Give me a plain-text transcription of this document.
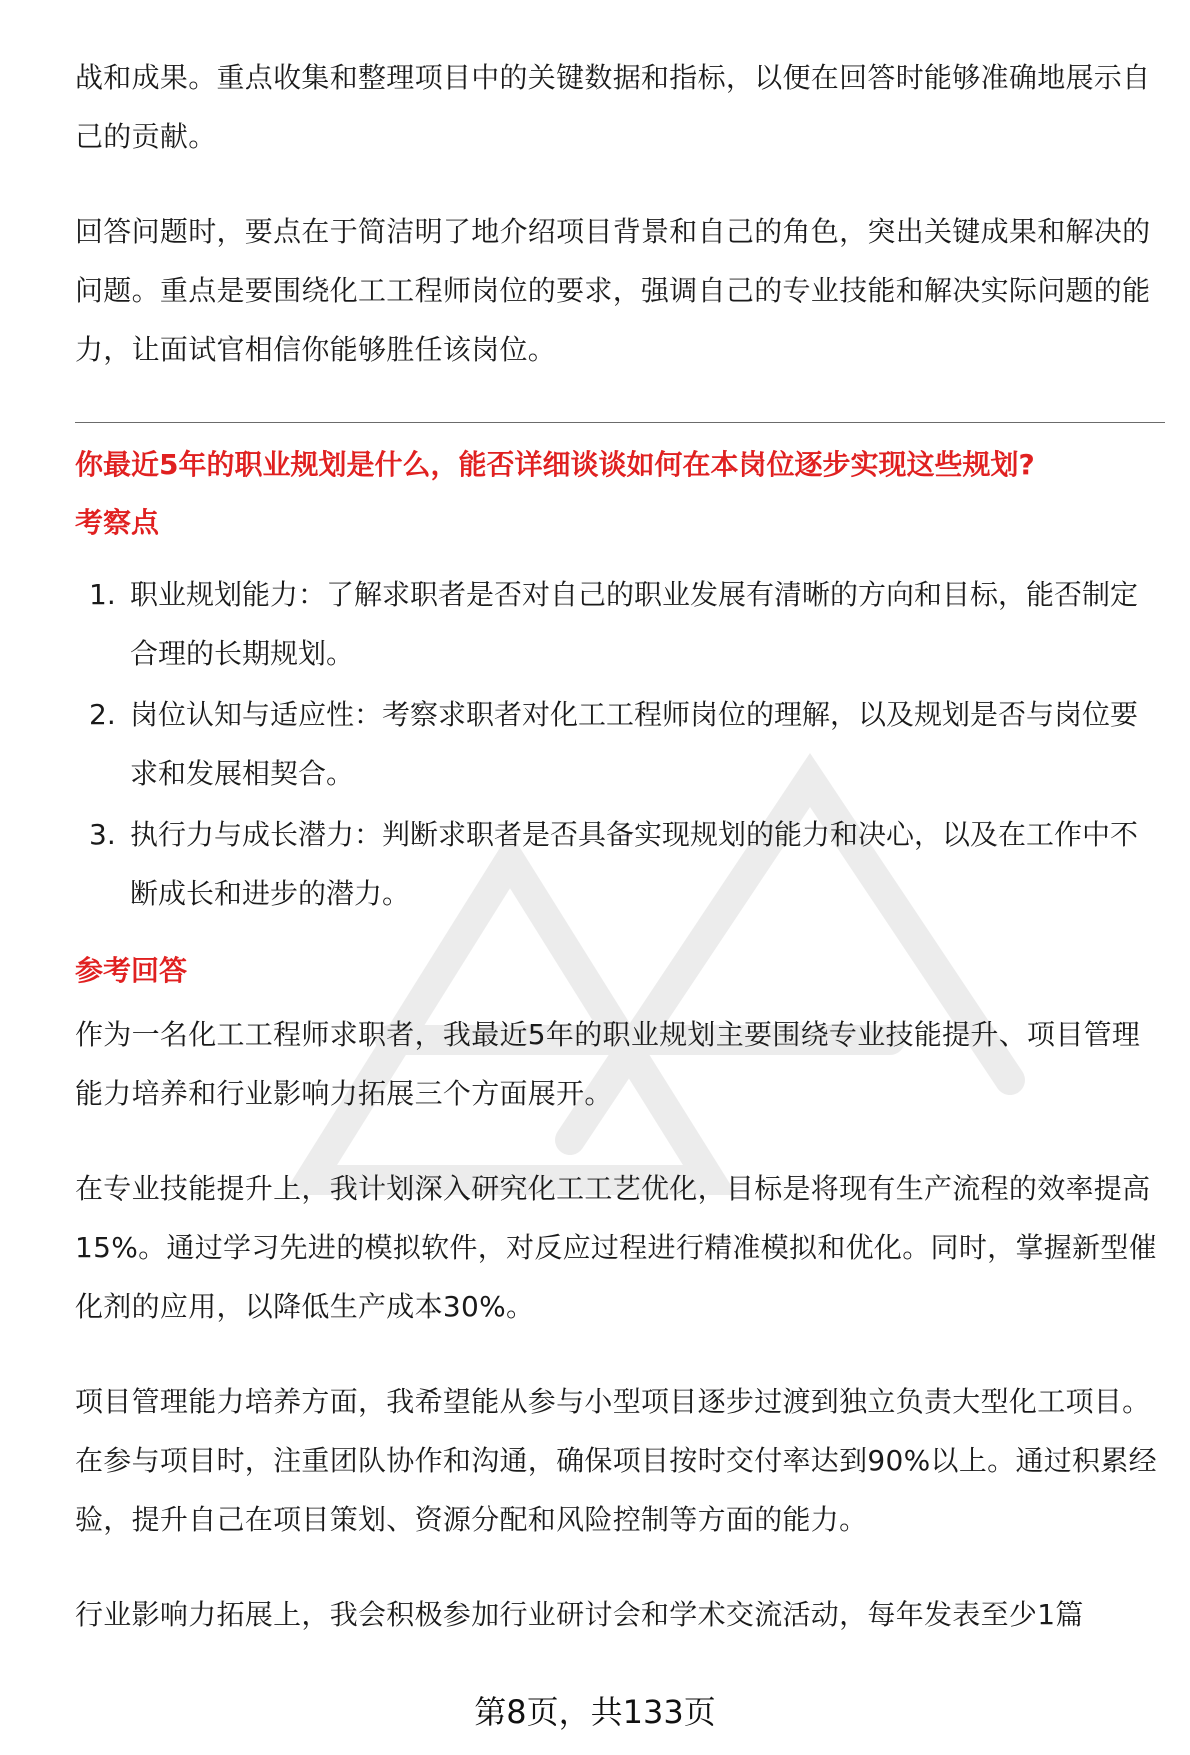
战和成果。重点收集和整理项目中的关键数据和指标，以便在回答时能够准确地展示自己的贡献。

回答问题时，要点在于简洁明了地介绍项目背景和自己的角色，突出关键成果和解决的问题。重点是要围绕化工工程师岗位的要求，强调自己的专业技能和解决实际问题的能力，让面试官相信你能够胜任该岗位。

你最近5年的职业规划是什么，能否详细谈谈如何在本岗位逐步实现这些规划?

考察点

1. 职业规划能力：了解求职者是否对自己的职业发展有清晰的方向和目标，能否制定合理的长期规划。
2. 岗位认知与适应性：考察求职者对化工工程师岗位的理解，以及规划是否与岗位要求和发展相契合。
3. 执行力与成长潜力：判断求职者是否具备实现规划的能力和决心，以及在工作中不断成长和进步的潜力。

参考回答

作为一名化工工程师求职者，我最近5年的职业规划主要围绕专业技能提升、项目管理能力培养和行业影响力拓展三个方面展开。

在专业技能提升上，我计划深入研究化工工艺优化，目标是将现有生产流程的效率提高15%。通过学习先进的模拟软件，对反应过程进行精准模拟和优化。同时，掌握新型催化剂的应用，以降低生产成本30%。

项目管理能力培养方面，我希望能从参与小型项目逐步过渡到独立负责大型化工项目。在参与项目时，注重团队协作和沟通，确保项目按时交付率达到90%以上。通过积累经验，提升自己在项目策划、资源分配和风险控制等方面的能力。

行业影响力拓展上，我会积极参加行业研讨会和学术交流活动，每年发表至少1篇

第8页，共133页
